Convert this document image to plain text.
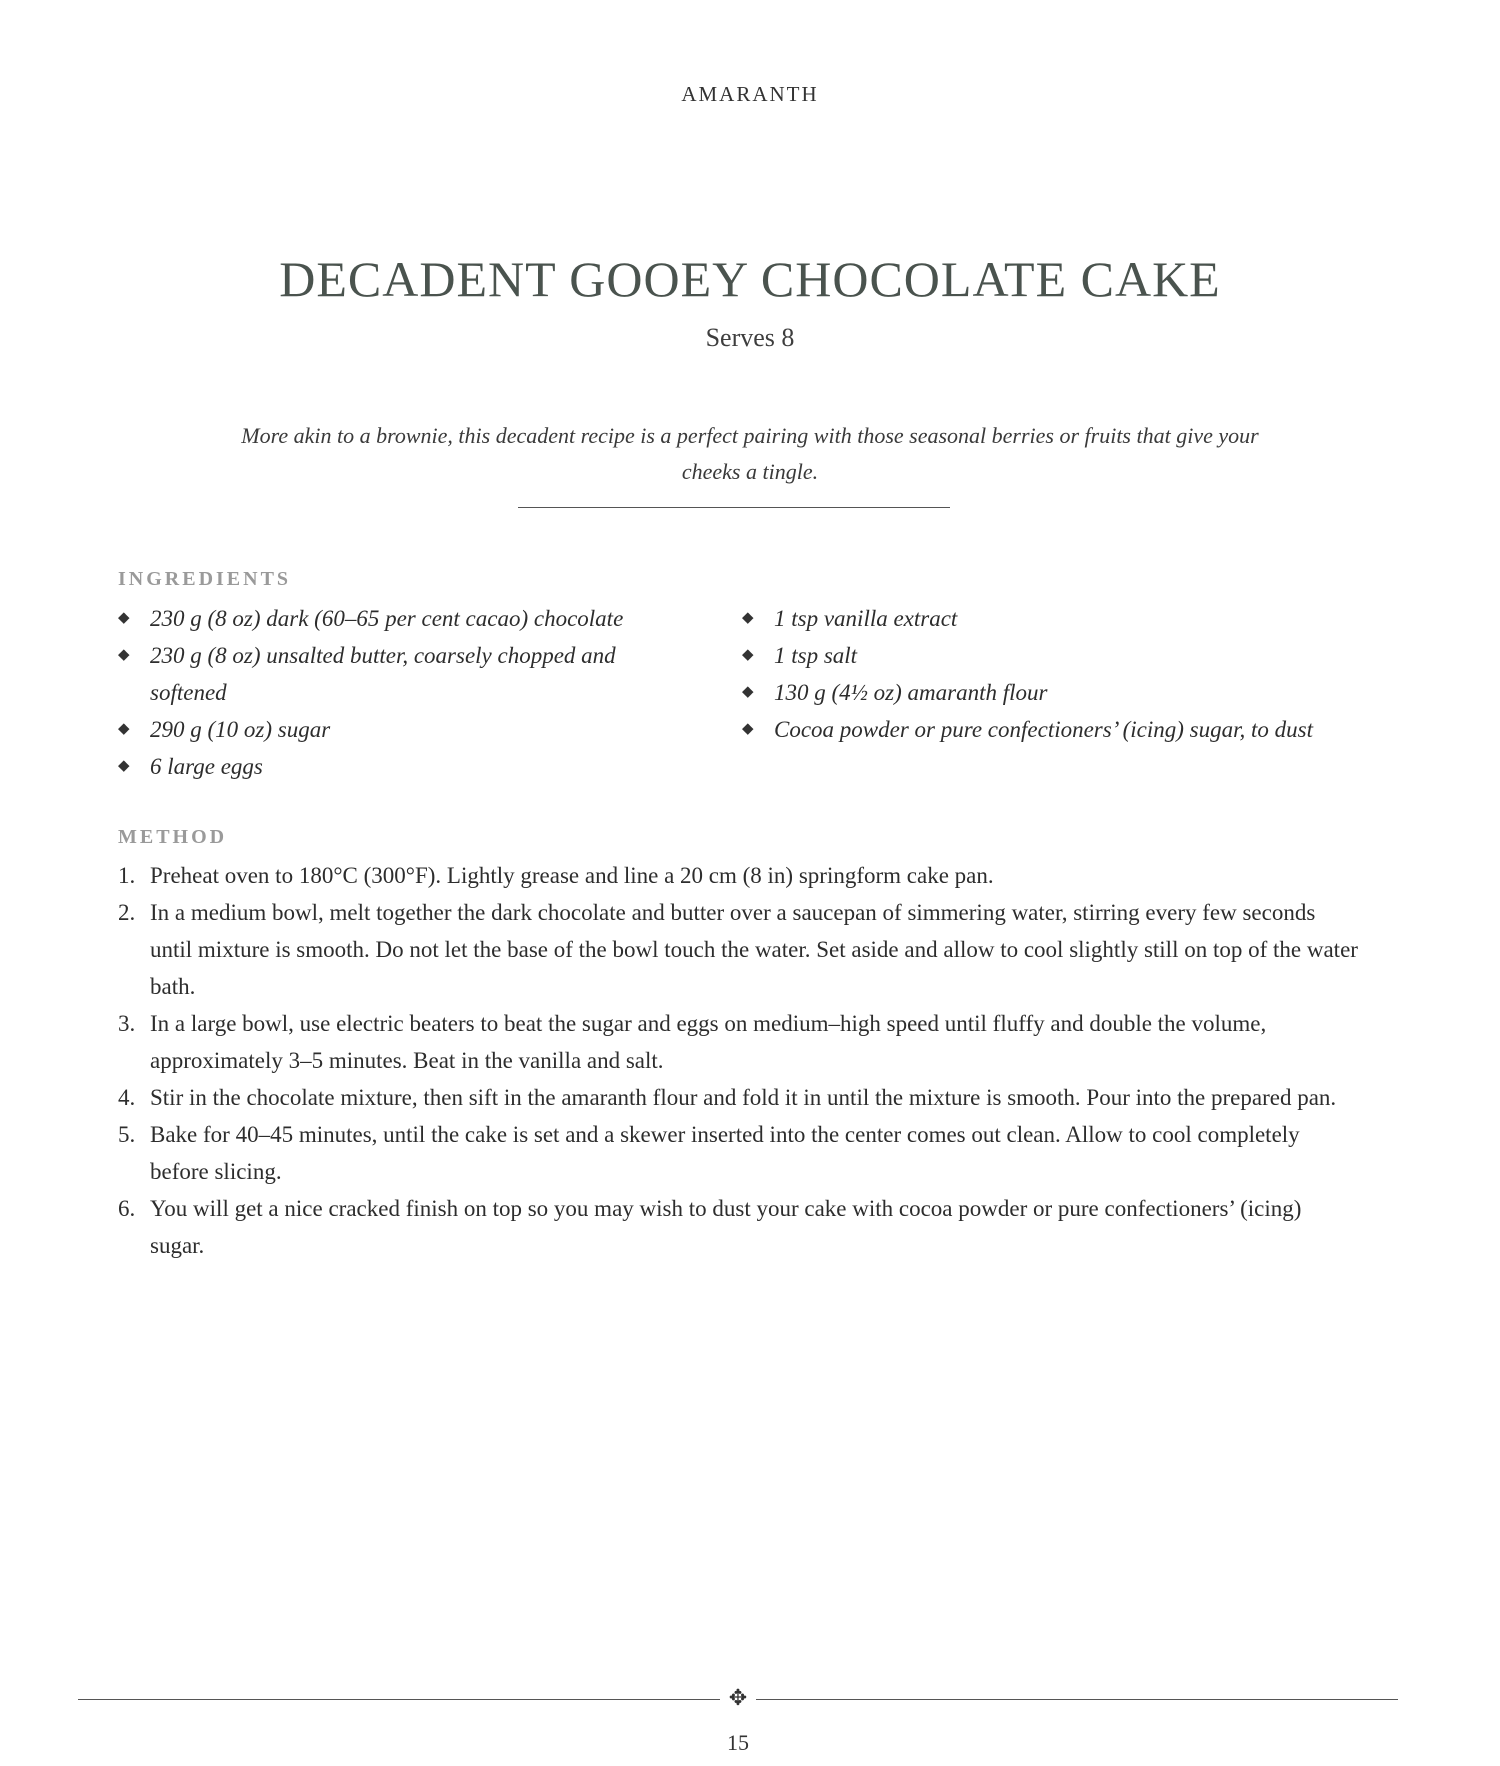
AMARANTH
DECADENT GOOEY CHOCOLATE CAKE
Serves 8
More akin to a brownie, this decadent recipe is a perfect pairing with those seasonal berries or fruits that give your cheeks a tingle.
INGREDIENTS
◆ 230 g (8 oz) dark (60–65 per cent cacao) chocolate
◆ 230 g (8 oz) unsalted butter, coarsely chopped and softened
◆ 290 g (10 oz) sugar
◆ 6 large eggs
◆ 1 tsp vanilla extract
◆ 1 tsp salt
◆ 130 g (4½ oz) amaranth flour
◆ Cocoa powder or pure confectioners’ (icing) sugar, to dust
METHOD
1. Preheat oven to 180°C (300°F). Lightly grease and line a 20 cm (8 in) springform cake pan.
2. In a medium bowl, melt together the dark chocolate and butter over a saucepan of simmering water, stirring every few seconds until mixture is smooth. Do not let the base of the bowl touch the water. Set aside and allow to cool slightly still on top of the water bath.
3. In a large bowl, use electric beaters to beat the sugar and eggs on medium–high speed until fluffy and double the volume, approximately 3–5 minutes. Beat in the vanilla and salt.
4. Stir in the chocolate mixture, then sift in the amaranth flour and fold it in until the mixture is smooth. Pour into the prepared pan.
5. Bake for 40–45 minutes, until the cake is set and a skewer inserted into the center comes out clean. Allow to cool completely before slicing.
6. You will get a nice cracked finish on top so you may wish to dust your cake with cocoa powder or pure confectioners’ (icing) sugar.
✥
15
